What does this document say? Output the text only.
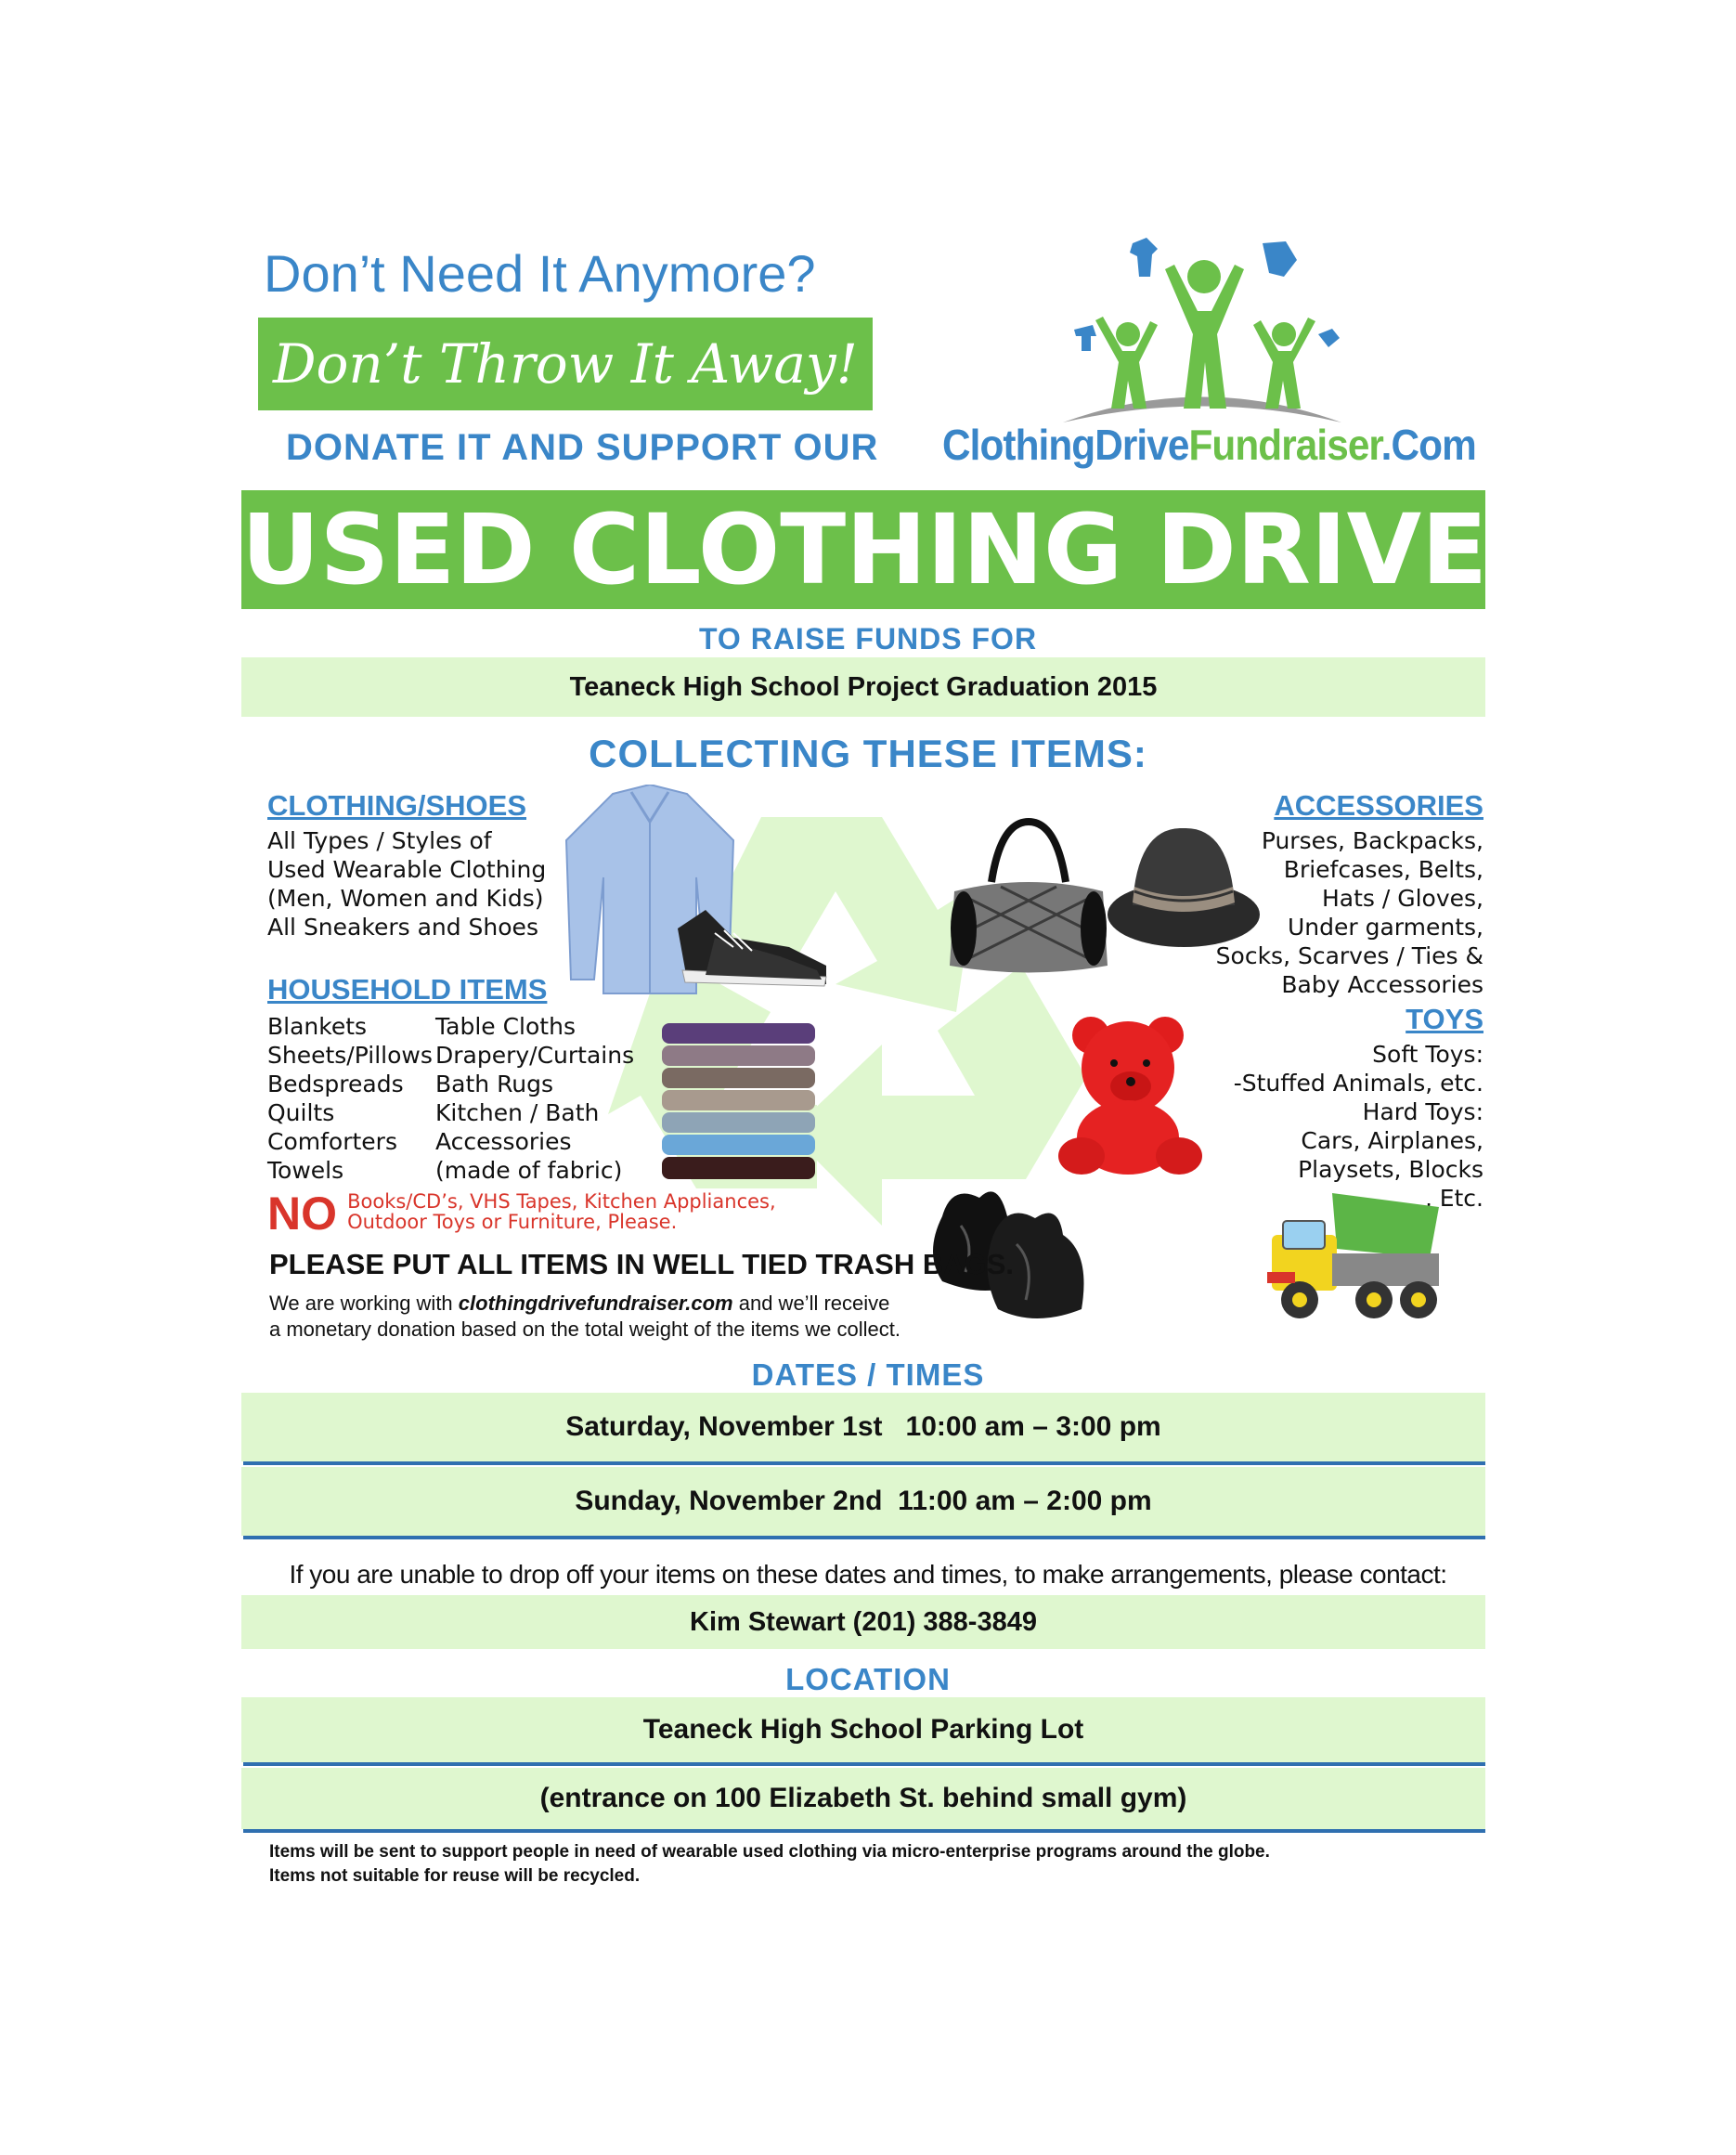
Don’t Need It Anymore?
Don’t Throw It Away!
DONATE IT AND SUPPORT OUR ClothingDriveFundraiser.Com
USED CLOTHING DRIVE
TO RAISE FUNDS FOR
Teaneck High School Project Graduation 2015
COLLECTING THESE ITEMS:
CLOTHING/SHOES
All Types / Styles of
Used Wearable Clothing
(Men, Women and Kids)
All Sneakers and Shoes
HOUSEHOLD ITEMS
Blankets
Sheets/Pillows
Bedspreads
Quilts
Comforters
Towels
Table Cloths
Drapery/Curtains
Bath Rugs
Kitchen / Bath
Accessories
(made of fabric)
ACCESSORIES
Purses, Backpacks,
Briefcases, Belts,
Hats / Gloves,
Under garments,
Socks, Scarves / Ties &
Baby Accessories
TOYS
Soft Toys:
-Stuffed Animals, etc.
Hard Toys:
Cars, Airplanes,
Playsets, Blocks
, Etc.
NO Books/CD’s, VHS Tapes, Kitchen Appliances,
Outdoor Toys or Furniture, Please.
PLEASE PUT ALL ITEMS IN WELL TIED TRASH BAGS.
We are working with clothingdrivefundraiser.com and we’ll receive
a monetary donation based on the total weight of the items we collect.
DATES / TIMES
Saturday, November 1st   10:00 am – 3:00 pm
Sunday, November 2nd  11:00 am – 2:00 pm
If you are unable to drop off your items on these dates and times, to make arrangements, please contact:
Kim Stewart (201) 388-3849
LOCATION
Teaneck High School Parking Lot
(entrance on 100 Elizabeth St. behind small gym)
Items will be sent to support people in need of wearable used clothing via micro-enterprise programs around the globe.
Items not suitable for reuse will be recycled.
